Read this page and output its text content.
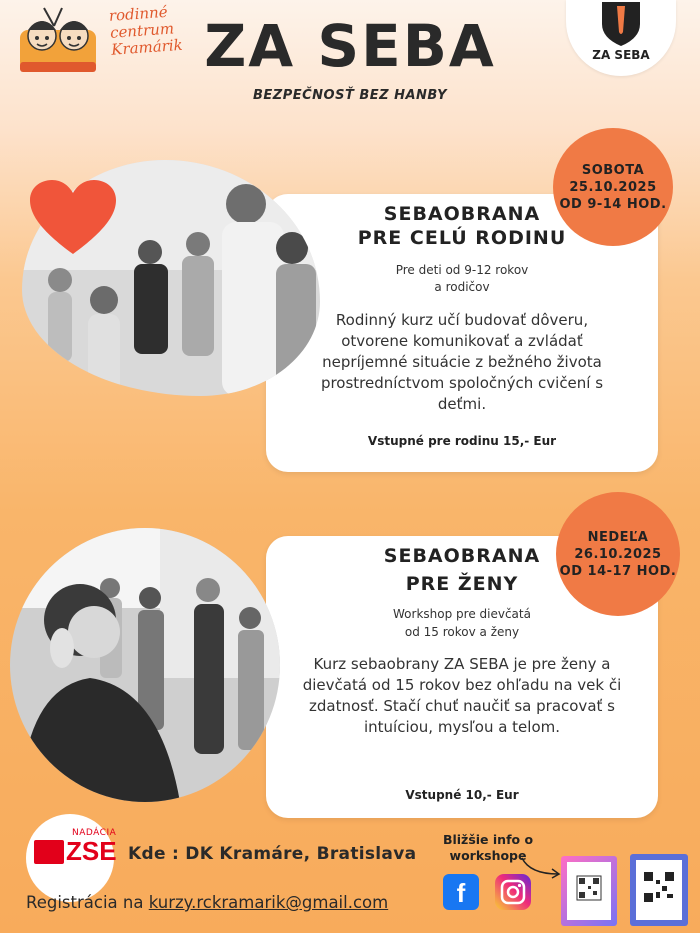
rodinné centrum Kramárik ZA SEBA
BEZPEČNOSŤ BEZ HANBY
ZA SEBA
SEBAOBRANA
PRE CELÚ RODINU
Pre deti od 9-12 rokov
a rodičov
Rodinný kurz učí budovať dôveru, otvorene komunikovať a zvládať nepríjemné situácie z bežného života prostredníctvom spoločných cvičení s deťmi.
Vstupné pre rodinu 15,- Eur
SOBOTA
25.10.2025
OD 9-14 HOD.
SEBAOBRANA
PRE ŽENY
Workshop pre dievčatá
od 15 rokov a ženy
Kurz sebaobrany ZA SEBA je pre ženy a dievčatá od 15 rokov bez ohľadu na vek či zdatnosť. Stačí chuť naučiť sa pracovať s intuíciou, mysľou a telom.
Vstupné 10,- Eur
NEDEĽA
26.10.2025
OD 14-17 HOD.
NADÁCIA
ZSE Kde : DK Kramáre, Bratislava
Registrácia na kurzy.rckramarik@gmail.com
Bližšie info o
workshope
f
